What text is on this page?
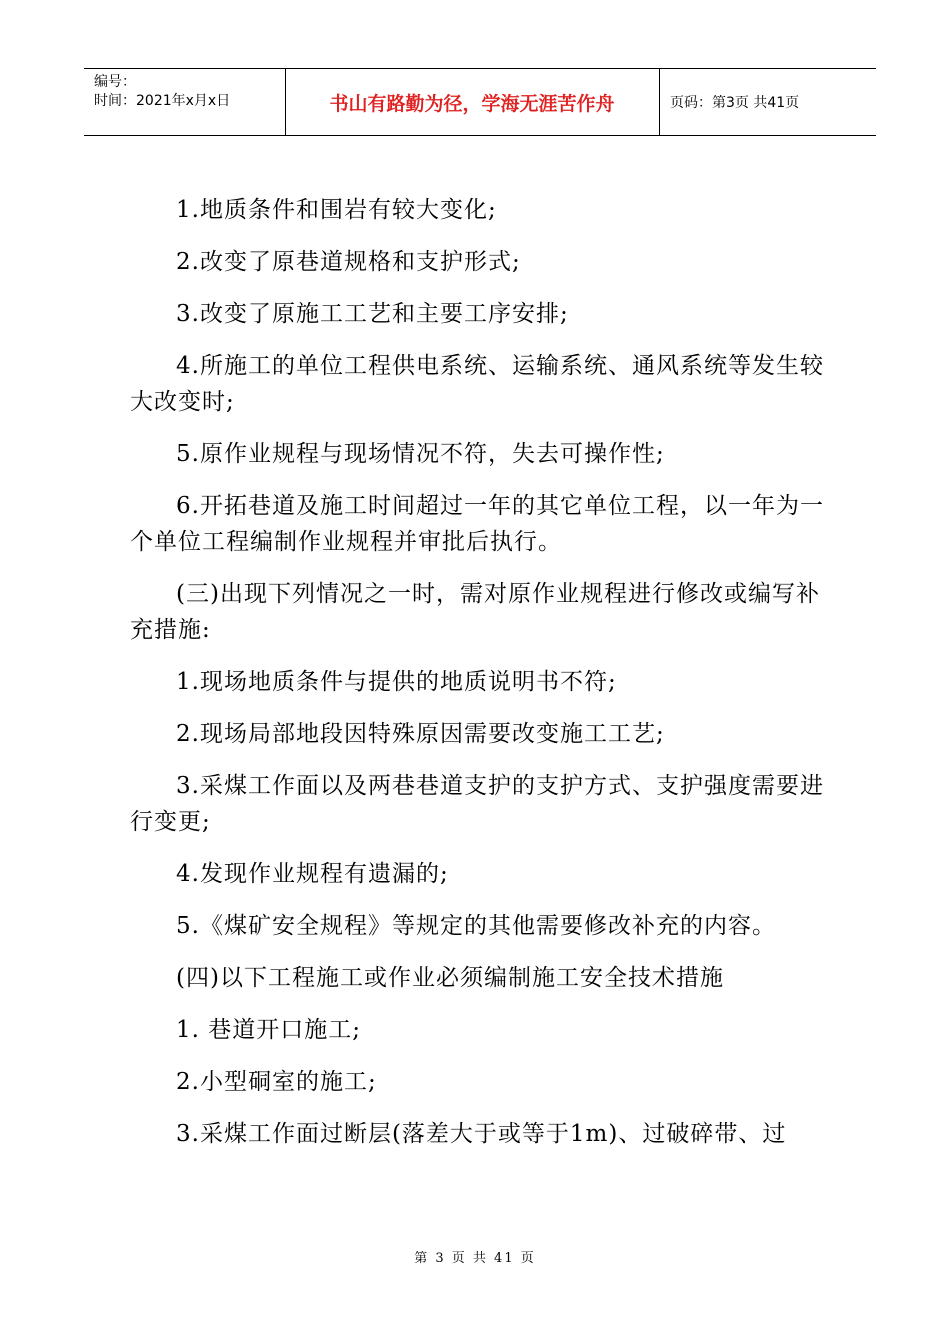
编号：
时间：2021年x月x日	书山有路勤为径，学海无涯苦作舟	页码：第3页 共41页

1.地质条件和围岩有较大变化;

2.改变了原巷道规格和支护形式;

3.改变了原施工工艺和主要工序安排;

4.所施工的单位工程供电系统、运输系统、通风系统等发生较大改变时;

5.原作业规程与现场情况不符，失去可操作性;

6.开拓巷道及施工时间超过一年的其它单位工程，以一年为一个单位工程编制作业规程并审批后执行。

(三)出现下列情况之一时，需对原作业规程进行修改或编写补充措施:

1.现场地质条件与提供的地质说明书不符;

2.现场局部地段因特殊原因需要改变施工工艺;

3.采煤工作面以及两巷巷道支护的支护方式、支护强度需要进行变更;

4.发现作业规程有遗漏的;

5.《煤矿安全规程》等规定的其他需要修改补充的内容。

(四)以下工程施工或作业必须编制施工安全技术措施

1. 巷道开口施工;

2.小型硐室的施工;

3.采煤工作面过断层(落差大于或等于1m)、过破碎带、过

第 3 页 共 41 页
